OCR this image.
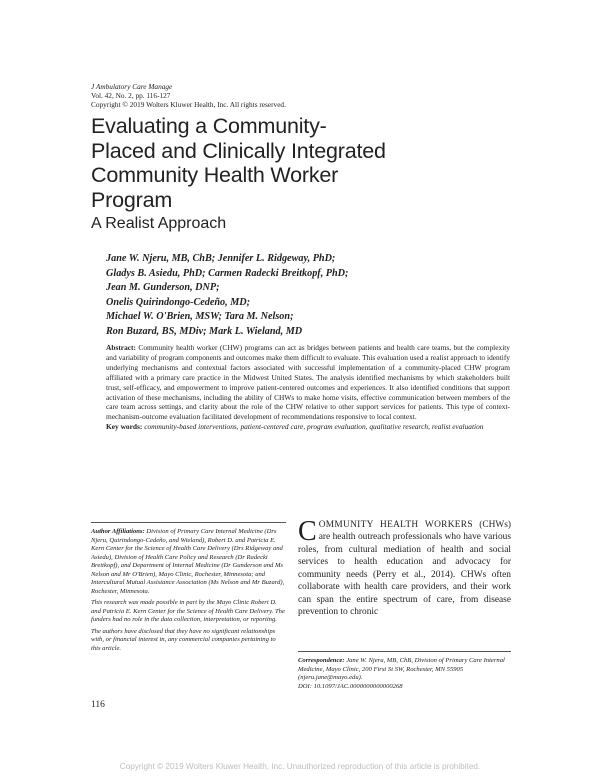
J Ambulatory Care Manage
Vol. 42, No. 2, pp. 116-127
Copyright © 2019 Wolters Kluwer Health, Inc. All rights reserved.
Evaluating a Community-
Placed and Clinically Integrated
Community Health Worker
Program
A Realist Approach
Jane W. Njeru, MB, ChB; Jennifer L. Ridgeway, PhD;
Gladys B. Asiedu, PhD; Carmen Radecki Breitkopf, PhD;
Jean M. Gunderson, DNP;
Onelis Quirindongo-Cedeño, MD;
Michael W. O'Brien, MSW; Tara M. Nelson;
Ron Buzard, BS, MDiv; Mark L. Wieland, MD
Abstract: Community health worker (CHW) programs can act as bridges between patients and health care teams, but the complexity and variability of program components and outcomes make them difficult to evaluate. This evaluation used a realist approach to identify underlying mechanisms and contextual factors associated with successful implementation of a community-placed CHW program affiliated with a primary care practice in the Midwest United States. The analysis identified mechanisms by which stakeholders built trust, self-efficacy, and empowerment to improve patient-centered outcomes and experiences. It also identified conditions that support activation of these mechanisms, including the ability of CHWs to make home visits, effective communication between members of the care team across settings, and clarity about the role of the CHW relative to other support services for patients. This type of context-mechanism-outcome evaluation facilitated development of recommendations responsive to local context.
Key words: community-based interventions, patient-centered care, program evaluation, qualitative research, realist evaluation

Author Affiliations: Division of Primary Care Internal Medicine (Drs Njeru, Quirindongo-Cedeño, and Wieland), Robert D. and Patricia E. Kern Center for the Science of Health Care Delivery (Drs Ridgeway and Asiedu), Division of Health Care Policy and Research (Dr Radecki Breitkopf), and Department of Internal Medicine (Dr Gunderson and Ms Nelson and Mr O'Brien), Mayo Clinic, Rochester, Minnesota; and Intercultural Mutual Assistance Association (Ms Nelson and Mr Buzard), Rochester, Minnesota.

This research was made possible in part by the Mayo Clinic Robert D. and Patricia E. Kern Center for the Science of Health Care Delivery. The funders had no role in the data collection, interpretation, or reporting.

The authors have disclosed that they have no significant relationships with, or financial interest in, any commercial companies pertaining to this article.

COMMUNITY HEALTH WORKERS (CHWs) are health outreach professionals who have various roles, from cultural mediation of health and social services to health education and advocacy for community needs (Perry et al., 2014). CHWs often collaborate with health care providers, and their work can span the entire spectrum of care, from disease prevention to chronic
Correspondence: Jane W. Njeru, MB, ChB, Division of Primary Care Internal Medicine, Mayo Clinic, 200 First St SW, Rochester, MN 55905 (njeru.jane@mayo.edu).
DOI: 10.1097/JAC.0000000000000268
116
Copyright © 2019 Wolters Kluwer Health, Inc. Unauthorized reproduction of this article is prohibited.
